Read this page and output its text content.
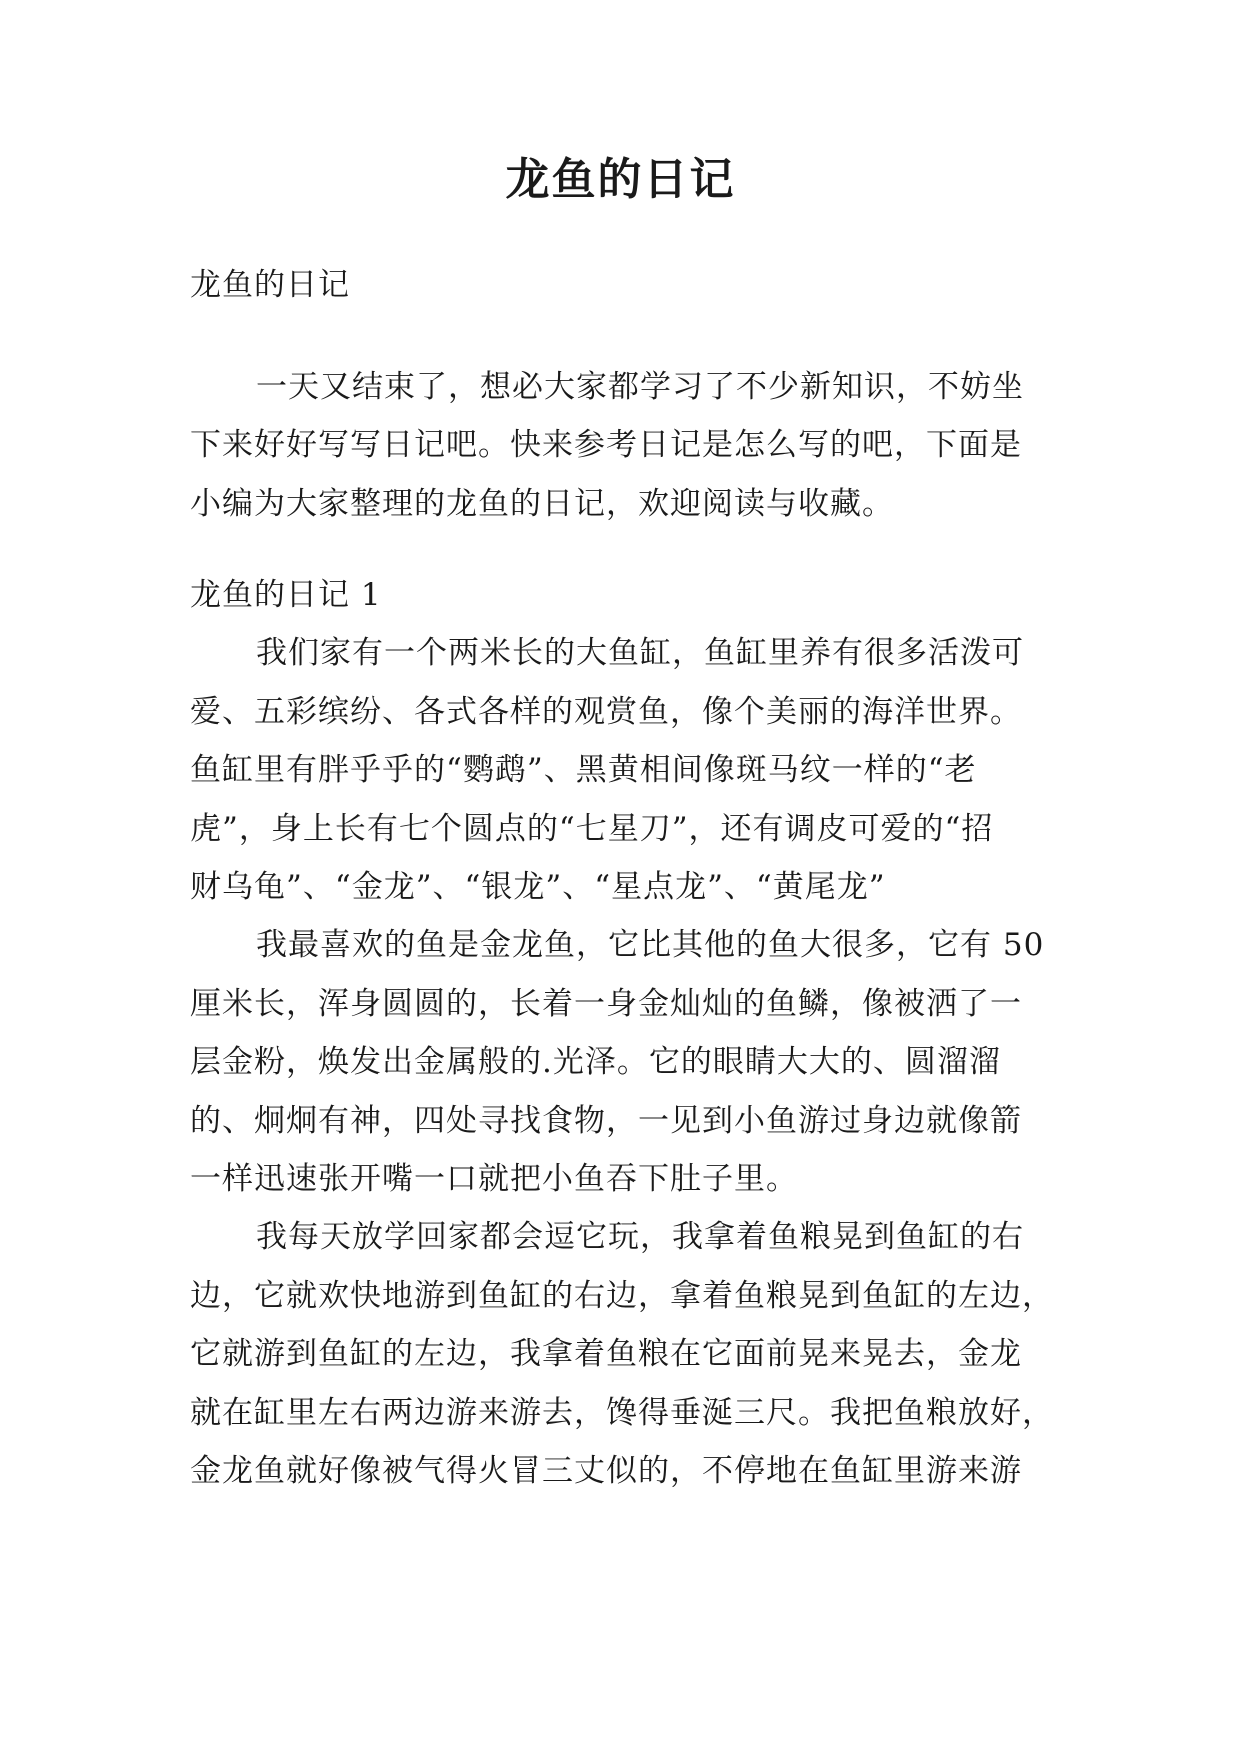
龙鱼的日记

龙鱼的日记

一天又结束了，想必大家都学习了不少新知识，不妨坐

下来好好写写日记吧。快来参考日记是怎么写的吧，下面是

小编为大家整理的龙鱼的日记，欢迎阅读与收藏。

龙鱼的日记 1

我们家有一个两米长的大鱼缸，鱼缸里养有很多活泼可

爱、五彩缤纷、各式各样的观赏鱼，像个美丽的海洋世界。

鱼缸里有胖乎乎的“鹦鹉”、黑黄相间像斑马纹一样的“老

虎”，身上长有七个圆点的“七星刀”，还有调皮可爱的“招

财乌龟”、“金龙”、“银龙”、“星点龙”、“黄尾龙”

我最喜欢的鱼是金龙鱼，它比其他的鱼大很多，它有 50

厘米长，浑身圆圆的，长着一身金灿灿的鱼鳞，像被洒了一

层金粉，焕发出金属般的.光泽。它的眼睛大大的、圆溜溜

的、炯炯有神，四处寻找食物，一见到小鱼游过身边就像箭

一样迅速张开嘴一口就把小鱼吞下肚子里。

我每天放学回家都会逗它玩，我拿着鱼粮晃到鱼缸的右

边，它就欢快地游到鱼缸的右边，拿着鱼粮晃到鱼缸的左边，

它就游到鱼缸的左边，我拿着鱼粮在它面前晃来晃去，金龙

就在缸里左右两边游来游去，馋得垂涎三尺。我把鱼粮放好，

金龙鱼就好像被气得火冒三丈似的，不停地在鱼缸里游来游
